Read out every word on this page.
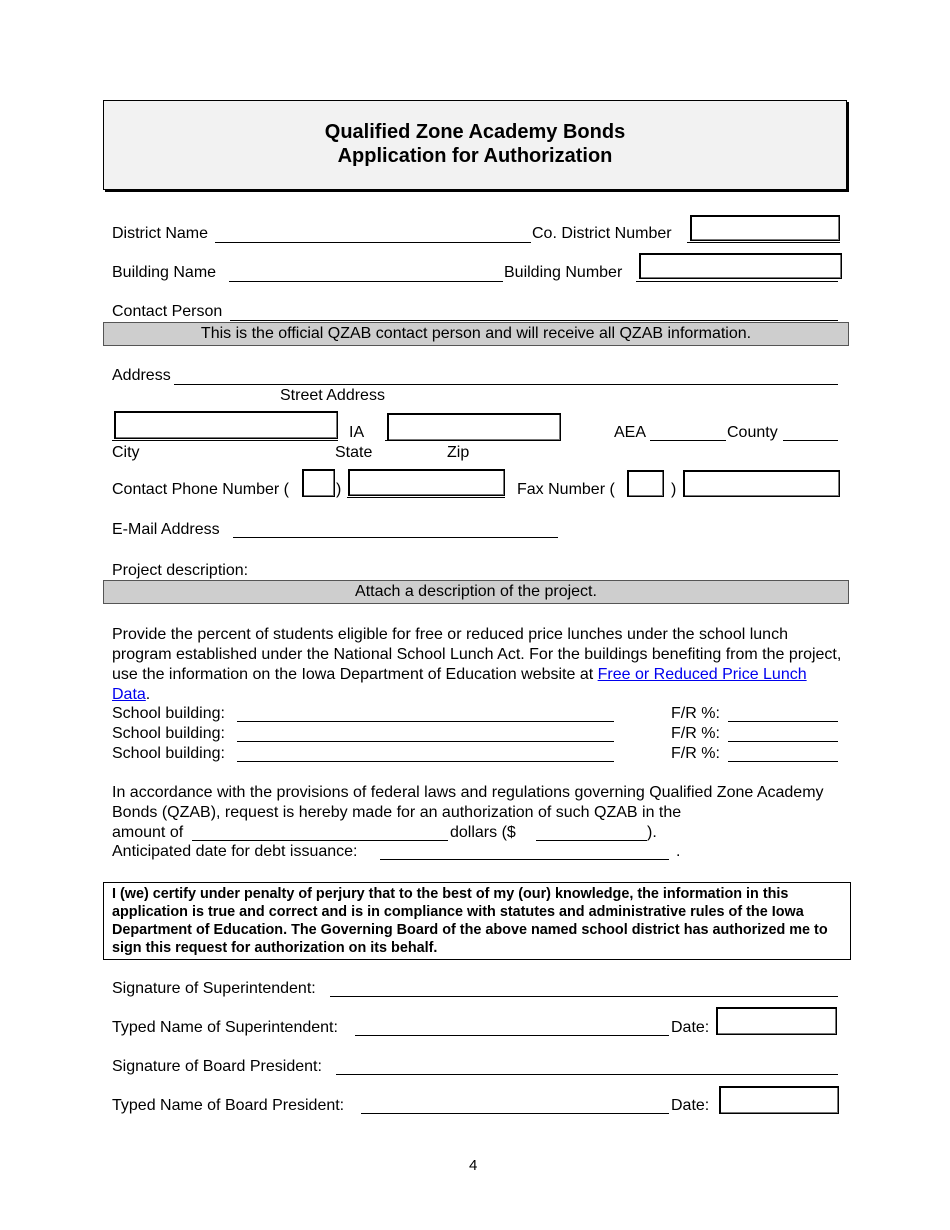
Qualified Zone Academy Bonds
Application for Authorization
District Name	Co. District Number
Building Name	Building Number
Contact Person
This is the official QZAB contact person and will receive all QZAB information.
Address
Street Address
IA	AEA	County
City	State	Zip
Contact Phone Number (	)	Fax Number (	)
E-Mail Address
Project description:
Attach a description of the project.
Provide the percent of students eligible for free or reduced price lunches under the school lunch program established under the National School Lunch Act. For the buildings benefiting from the project, use the information on the Iowa Department of Education website at Free or Reduced Price Lunch Data.
School building:	F/R %:
School building:	F/R %:
School building:	F/R %:
In accordance with the provisions of federal laws and regulations governing Qualified Zone Academy Bonds (QZAB), request is hereby made for an authorization of such QZAB in the
amount of	dollars ($	).
Anticipated date for debt issuance:	.
I (we) certify under penalty of perjury that to the best of my (our) knowledge, the information in this application is true and correct and is in compliance with statutes and administrative rules of the Iowa Department of Education. The Governing Board of the above named school district has authorized me to sign this request for authorization on its behalf.
Signature of Superintendent:
Typed Name of Superintendent:	Date:
Signature of Board President:
Typed Name of Board President:	Date:
4
